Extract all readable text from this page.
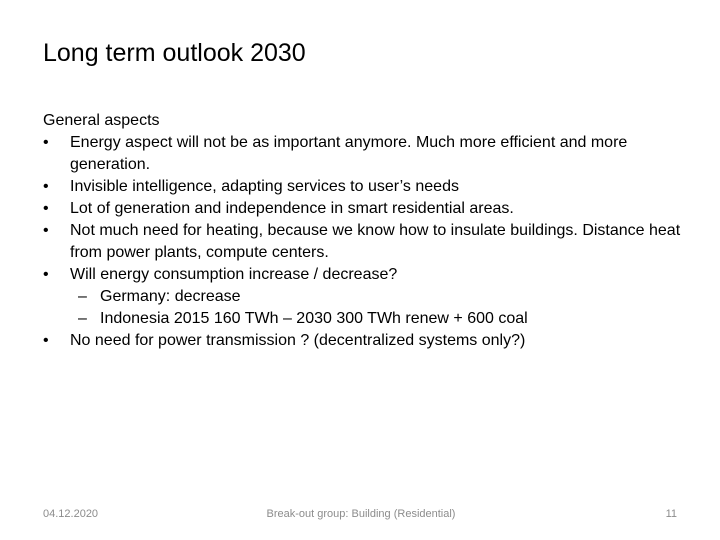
Long term outlook 2030

General aspects

•	Energy aspect will not be as important anymore. Much more efficient and more generation.
•	Invisible intelligence, adapting services to user’s needs
•	Lot of generation and independence in smart residential areas.
•	Not much need for heating, because we know how to insulate buildings. Distance heat from power plants, compute centers.
•	Will energy consumption increase / decrease?
– Germany: decrease
– Indonesia 2015 160 TWh – 2030 300 TWh renew + 600 coal
•	No need for power transmission ? (decentralized systems only?)
04.12.2020	Break-out group: Building (Residential)	11
